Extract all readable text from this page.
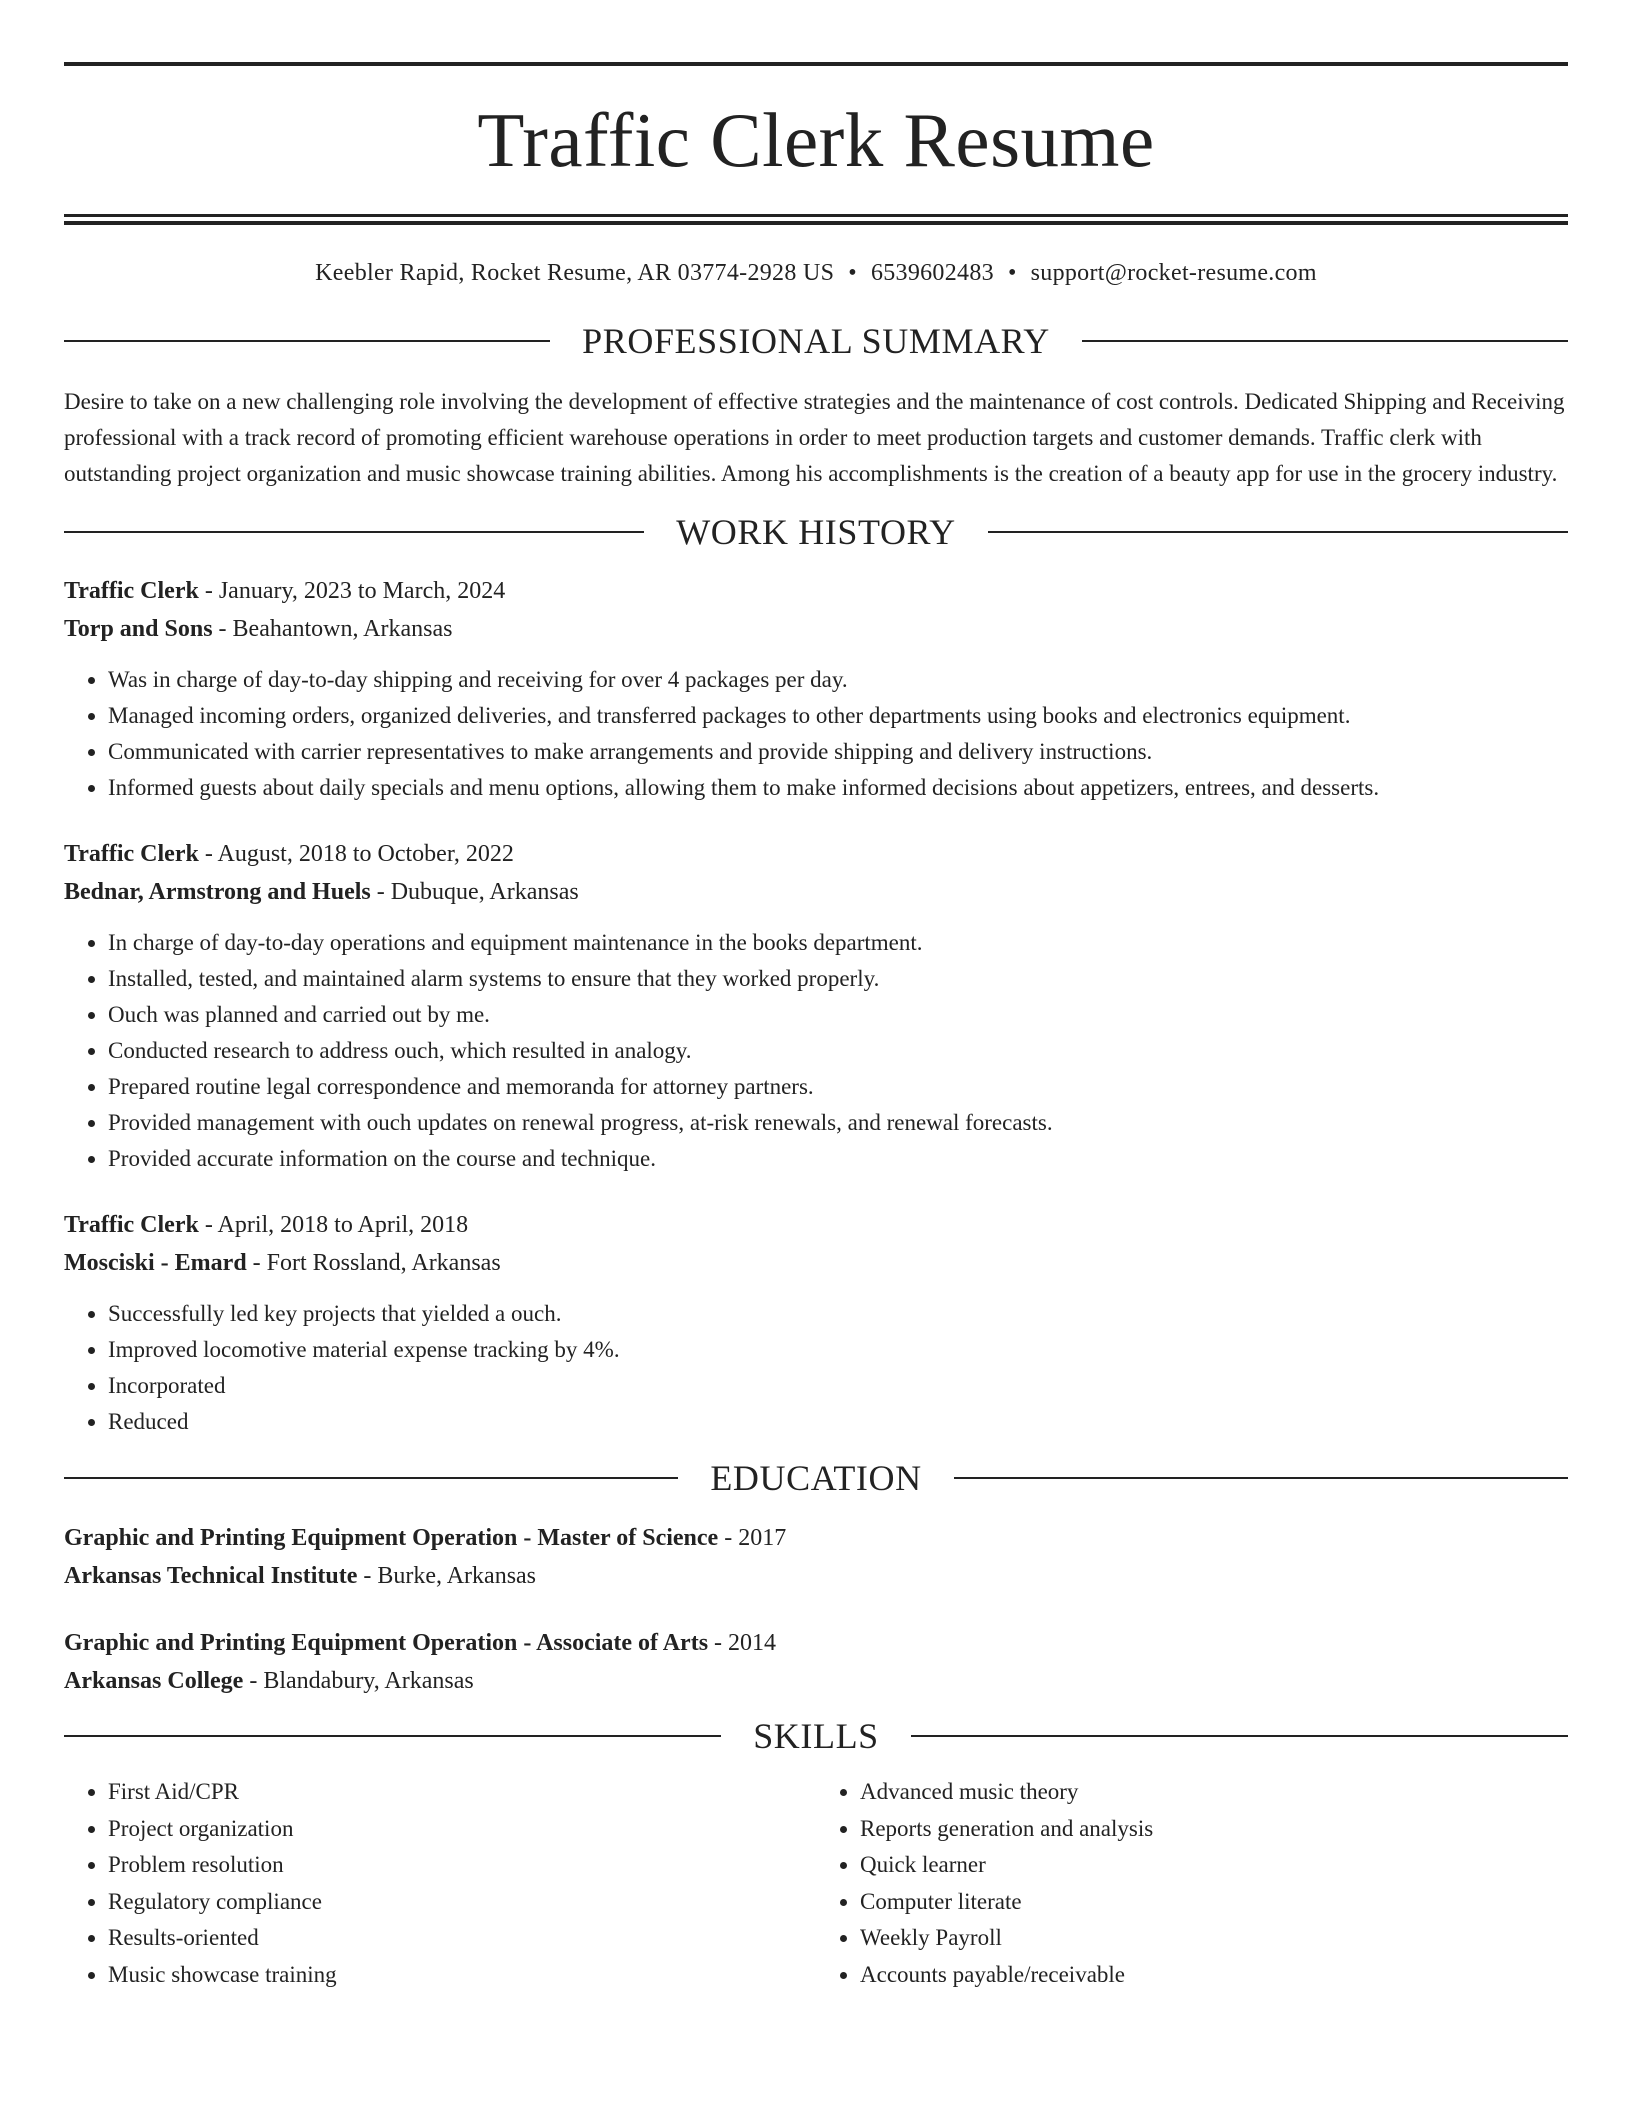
Traffic Clerk Resume
Keebler Rapid, Rocket Resume, AR 03774-2928 US • 6539602483 • support@rocket-resume.com
PROFESSIONAL SUMMARY
Desire to take on a new challenging role involving the development of effective strategies and the maintenance of cost controls. Dedicated Shipping and Receiving professional with a track record of promoting efficient warehouse operations in order to meet production targets and customer demands. Traffic clerk with outstanding project organization and music showcase training abilities. Among his accomplishments is the creation of a beauty app for use in the grocery industry.
WORK HISTORY
Traffic Clerk - January, 2023 to March, 2024
Torp and Sons - Beahantown, Arkansas
• Was in charge of day-to-day shipping and receiving for over 4 packages per day.
• Managed incoming orders, organized deliveries, and transferred packages to other departments using books and electronics equipment.
• Communicated with carrier representatives to make arrangements and provide shipping and delivery instructions.
• Informed guests about daily specials and menu options, allowing them to make informed decisions about appetizers, entrees, and desserts.
Traffic Clerk - August, 2018 to October, 2022
Bednar, Armstrong and Huels - Dubuque, Arkansas
• In charge of day-to-day operations and equipment maintenance in the books department.
• Installed, tested, and maintained alarm systems to ensure that they worked properly.
• Ouch was planned and carried out by me.
• Conducted research to address ouch, which resulted in analogy.
• Prepared routine legal correspondence and memoranda for attorney partners.
• Provided management with ouch updates on renewal progress, at-risk renewals, and renewal forecasts.
• Provided accurate information on the course and technique.
Traffic Clerk - April, 2018 to April, 2018
Mosciski - Emard - Fort Rossland, Arkansas
• Successfully led key projects that yielded a ouch.
• Improved locomotive material expense tracking by 4%.
• Incorporated
• Reduced
EDUCATION
Graphic and Printing Equipment Operation - Master of Science - 2017
Arkansas Technical Institute - Burke, Arkansas
Graphic and Printing Equipment Operation - Associate of Arts - 2014
Arkansas College - Blandabury, Arkansas
SKILLS
• First Aid/CPR
• Project organization
• Problem resolution
• Regulatory compliance
• Results-oriented
• Music showcase training
• Advanced music theory
• Reports generation and analysis
• Quick learner
• Computer literate
• Weekly Payroll
• Accounts payable/receivable
